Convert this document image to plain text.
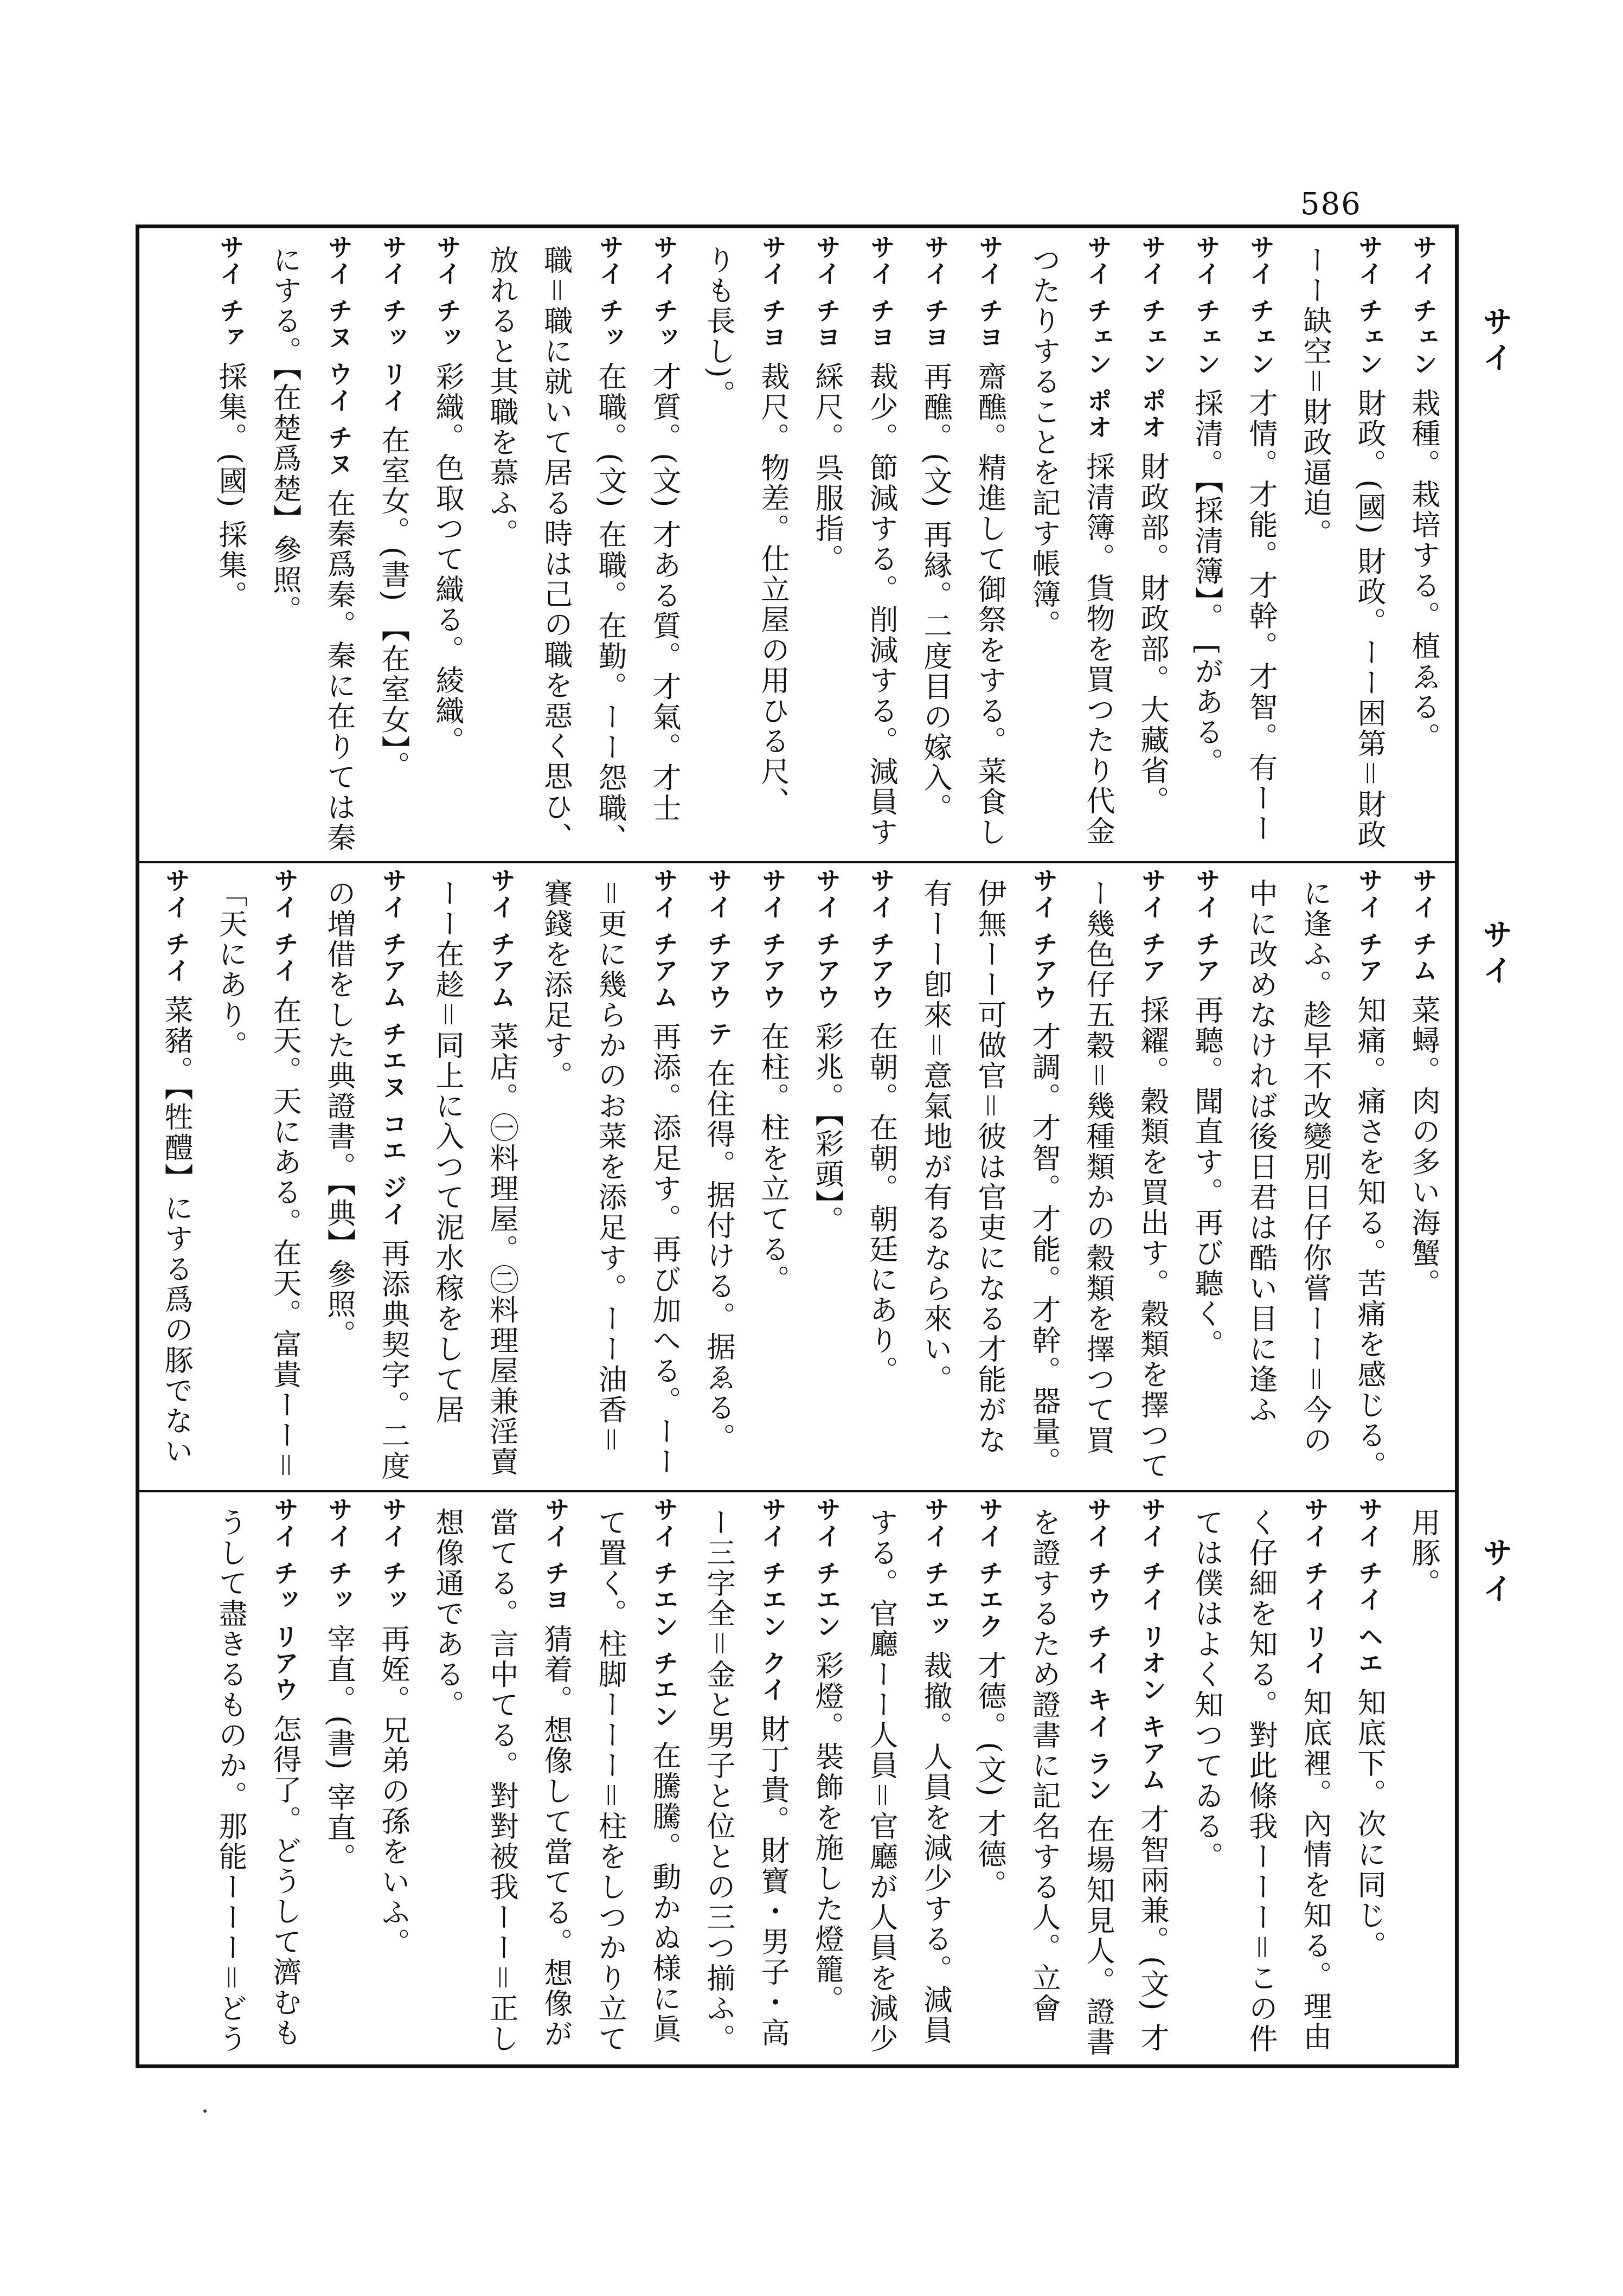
586
サイ
サイ
サイ
サイ チェン栽種。栽培する。植ゑる。
サイ チェン財政。(國) 財政。ーー困第＝財政
ーー缺空＝財政逼迫。
サイ チェン才情。才能。才幹。才智。有ーー
サイ チェン採清。【採清簿】。 [がある。
サイ チェン ポオ財政部。財政部。大藏省。
サイ チェン ポオ採清簿。貨物を買つたり代金
つたりすることを記す帳簿。
サイ チヨ齋醮。精進して御祭をする。菜食し
サイ チヨ再醮。(文) 再縁。二度目の嫁入。
サイ チヨ裁少。節減する。削減する。減員す
サイ チヨ綵尺。呉服指。
サイ チヨ裁尺。物差。仕立屋の用ひる尺、
りも長し)。
サイ チッ才質。(文) 才ある質。才氣。才士
サイ チッ在職。(文) 在職。在勤。ーー怨職、
職＝職に就いて居る時は己の職を惡く思ひ、
放れると其職を慕ふ。
サイ チッ彩織。色取つて織る。綾織。
サイ チッ リイ在室女。(書) 【在室女】。
サイ チヌ ウイ チヌ在秦爲秦。秦に在りては秦
にする。【在楚爲楚】參照。
サイ チァ採集。(國) 採集。
サイ チム菜蟳。肉の多い海蟹。
サイ チア知痛。痛さを知る。苦痛を感じる。
に逢ふ。趁早不改變別日仔你嘗ーー＝今の
中に改めなければ後日君は酷い目に逢ふ
サイ チア再聽。聞直す。再び聽く。
サイ チア採糴。穀類を買出す。穀類を擇つて
ー幾色仔五穀＝幾種類かの穀類を擇つて買
サイ チアウ才調。才智。才能。才幹。器量。
伊無ーー可做官＝彼は官吏になる才能がな
有ーー卽來＝意氣地が有るなら來い。
サイ チアウ在朝。在朝。朝廷にあり。
サイ チアウ彩兆。【彩頭】。
サイ チアウ在柱。柱を立てる。
サイ チアウ テ在住得。据付ける。据ゑる。
サイ チアム再添。添足す。再び加へる。ーー
＝更に幾らかのお菜を添足す。ーー油香＝
賽錢を添足す。
サイ チアム菜店。㊀料理屋。㊁料理屋兼淫賣
ーー在趁＝同上に入つて泥水稼をして居
サイ チアム チエヌ コエ ジイ再添典契字。二度
の増借をした典證書。【典】參照。
サイ チイ在天。天にある。在天。富貴ーー＝
「天にあり。
サイ チイ菜豬。【牲醴】にする爲の豚でない
用豚。
サイ チイ ヘエ知底下。次に同じ。
サイ チイ リイ知底裡。內情を知る。理由
く仔細を知る。對此條我ーーー＝この件
ては僕はよく知つてゐる。
サイ チイ リオン キアム才智兩兼。(文) 才
サイ チウ チイ キイ ラン在場知見人。證書
を證するため證書に記名する人。立會
サイ チエク才德。(文) 才德。
サイ チエッ裁撤。人員を減少する。減員
する。官廳ーー人員＝官廳が人員を減少
サイ チエン彩燈。裝飾を施した燈籠。
サイ チエン クイ財丁貴。財寶・男子・高
ー三字全＝金と男子と位との三つ揃ふ。
サイ チエン チエン在騰騰。動かぬ様に眞
て置く。柱脚ーーー＝柱をしつかり立て
サイ チヨ猜着。想像して當てる。想像が
當てる。言中てる。對對被我ーー＝正し
想像通である。
サイ チッ再姪。兄弟の孫をいふ。
サイ チッ宰直。(書) 宰直。
サイ チッ リアウ怎得了。どうして濟むも
うして盡きるものか。那能ーーー＝どう
